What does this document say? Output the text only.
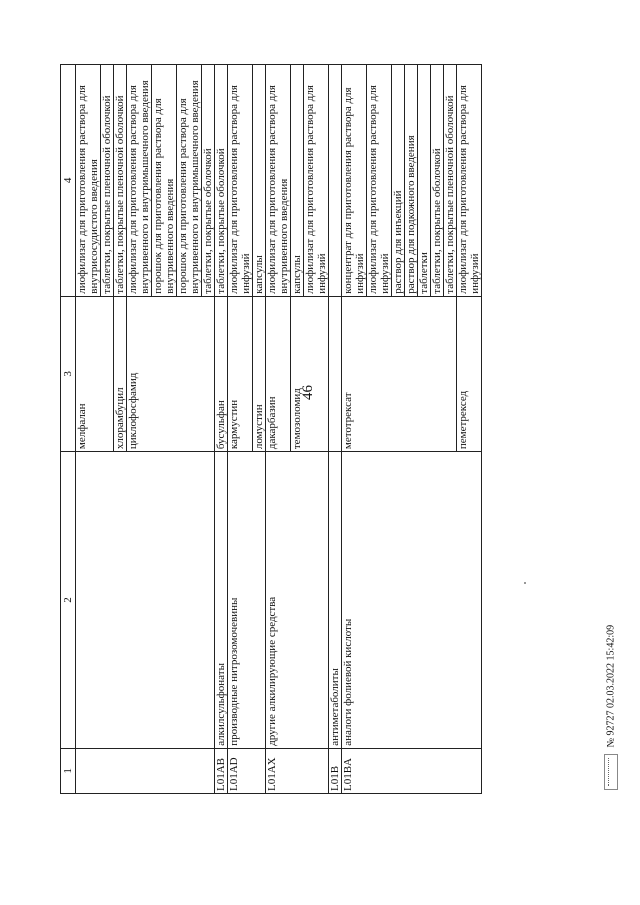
46
1	2	3	4
		мелфалан	лиофилизат для приготовления раствора для внутрисосудистого введения
			таблетки, покрытые пленочной оболочкой
		хлорамбуцил	таблетки, покрытые пленочной оболочкой
		циклофосфамид	лиофилизат для приготовления раствора для внутривенного и внутримышечного введения
			порошок для приготовления раствора для внутривенного введения
			порошок для приготовления раствора для внутривенного и внутримышечного введения
			таблетки, покрытые оболочкой
L01AB	алкилсульфонаты	бусульфан	таблетки, покрытые оболочкой
L01AD	производные нитрозомочевины	кармустин	лиофилизат для приготовления раствора для инфузий
		ломустин	капсулы
L01AX	другие алкилирующие средства	дакарбазин	лиофилизат для приготовления раствора для внутривенного введения
		темозоломид	капсулы
			лиофилизат для приготовления раствора для инфузий
L01B	антиметаболиты		
L01BA	аналоги фолиевой кислоты	метотрексат	концентрат для приготовления раствора для инфузий
			лиофилизат для приготовления раствора для инфузий
			раствор для инъекций
			раствор для подкожного введения
			таблетки
			таблетки, покрытые оболочкой
			таблетки, покрытые пленочной оболочкой
		пеметрексед	лиофилизат для приготовления раствора для инфузий
№ 92727 02.03.2022 15:42:09
